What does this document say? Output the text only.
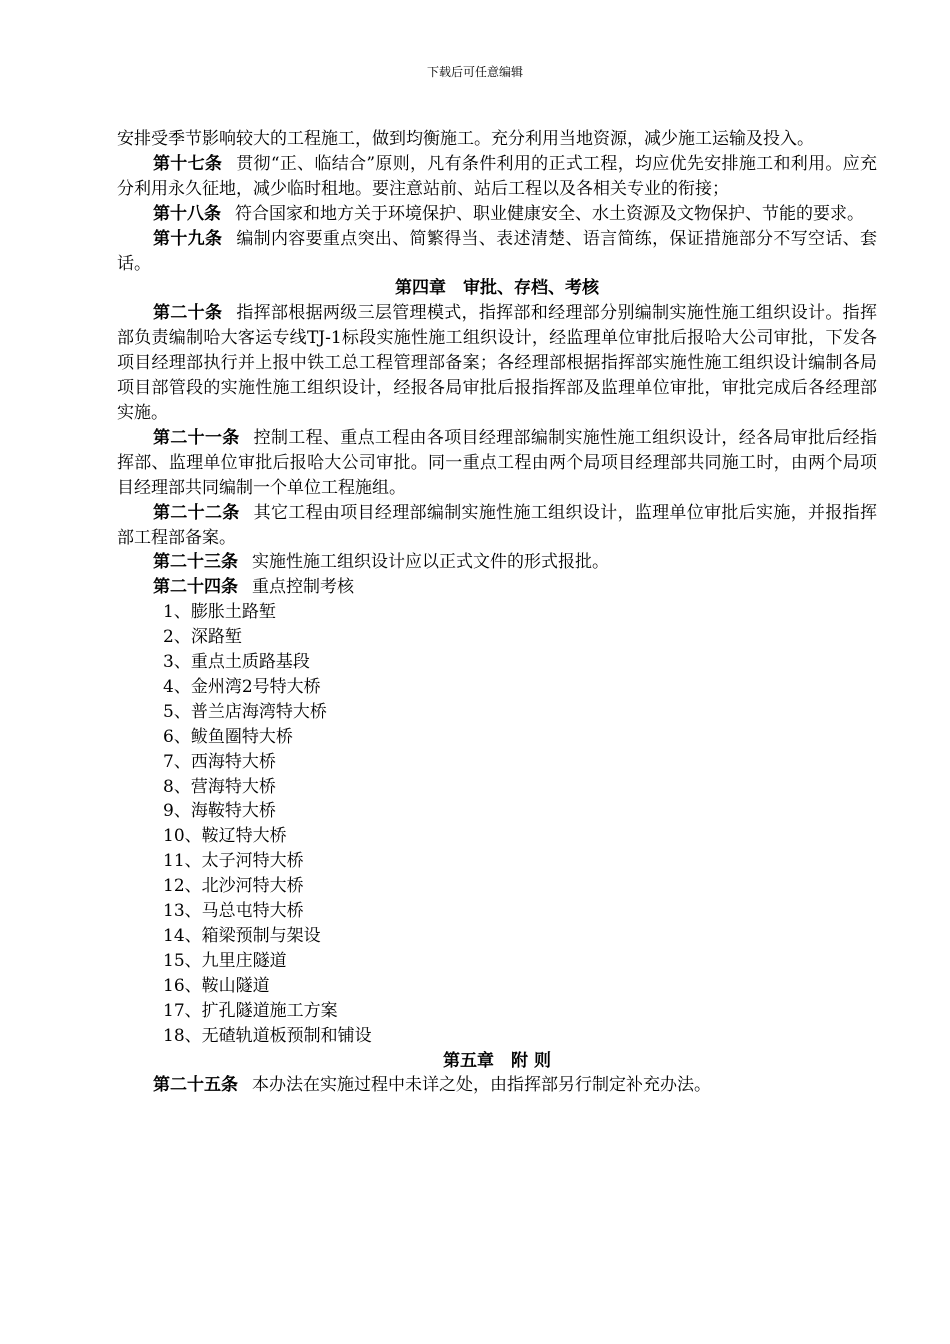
下载后可任意编辑

安排受季节影响较大的工程施工，做到均衡施工。充分利用当地资源，减少施工运输及投入。

第十七条 贯彻“正、临结合”原则，凡有条件利用的正式工程，均应优先安排施工和利用。应充分利用永久征地，减少临时租地。要注意站前、站后工程以及各相关专业的衔接；

第十八条 符合国家和地方关于环境保护、职业健康安全、水土资源及文物保护、节能的要求。

第十九条 编制内容要重点突出、简繁得当、表述清楚、语言简练，保证措施部分不写空话、套话。

第四章　审批、存档、考核

第二十条 指挥部根据两级三层管理模式，指挥部和经理部分别编制实施性施工组织设计。指挥部负责编制哈大客运专线TJ-1标段实施性施工组织设计，经监理单位审批后报哈大公司审批，下发各项目经理部执行并上报中铁工总工程管理部备案；各经理部根据指挥部实施性施工组织设计编制各局项目部管段的实施性施工组织设计，经报各局审批后报指挥部及监理单位审批，审批完成后各经理部实施。

第二十一条 控制工程、重点工程由各项目经理部编制实施性施工组织设计，经各局审批后经指挥部、监理单位审批后报哈大公司审批。同一重点工程由两个局项目经理部共同施工时，由两个局项目经理部共同编制一个单位工程施组。

第二十二条 其它工程由项目经理部编制实施性施工组织设计，监理单位审批后实施，并报指挥部工程部备案。

第二十三条 实施性施工组织设计应以正式文件的形式报批。

第二十四条 重点控制考核

1、膨胀土路堑

2、深路堑

3、重点土质路基段

4、金州湾2号特大桥

5、普兰店海湾特大桥

6、鲅鱼圈特大桥

7、西海特大桥

8、营海特大桥

9、海鞍特大桥

10、鞍辽特大桥

11、太子河特大桥

12、北沙河特大桥

13、马总屯特大桥

14、箱梁预制与架设

15、九里庄隧道

16、鞍山隧道

17、扩孔隧道施工方案

18、无碴轨道板预制和铺设

第五章　附 则

第二十五条 本办法在实施过程中未详之处，由指挥部另行制定补充办法。
